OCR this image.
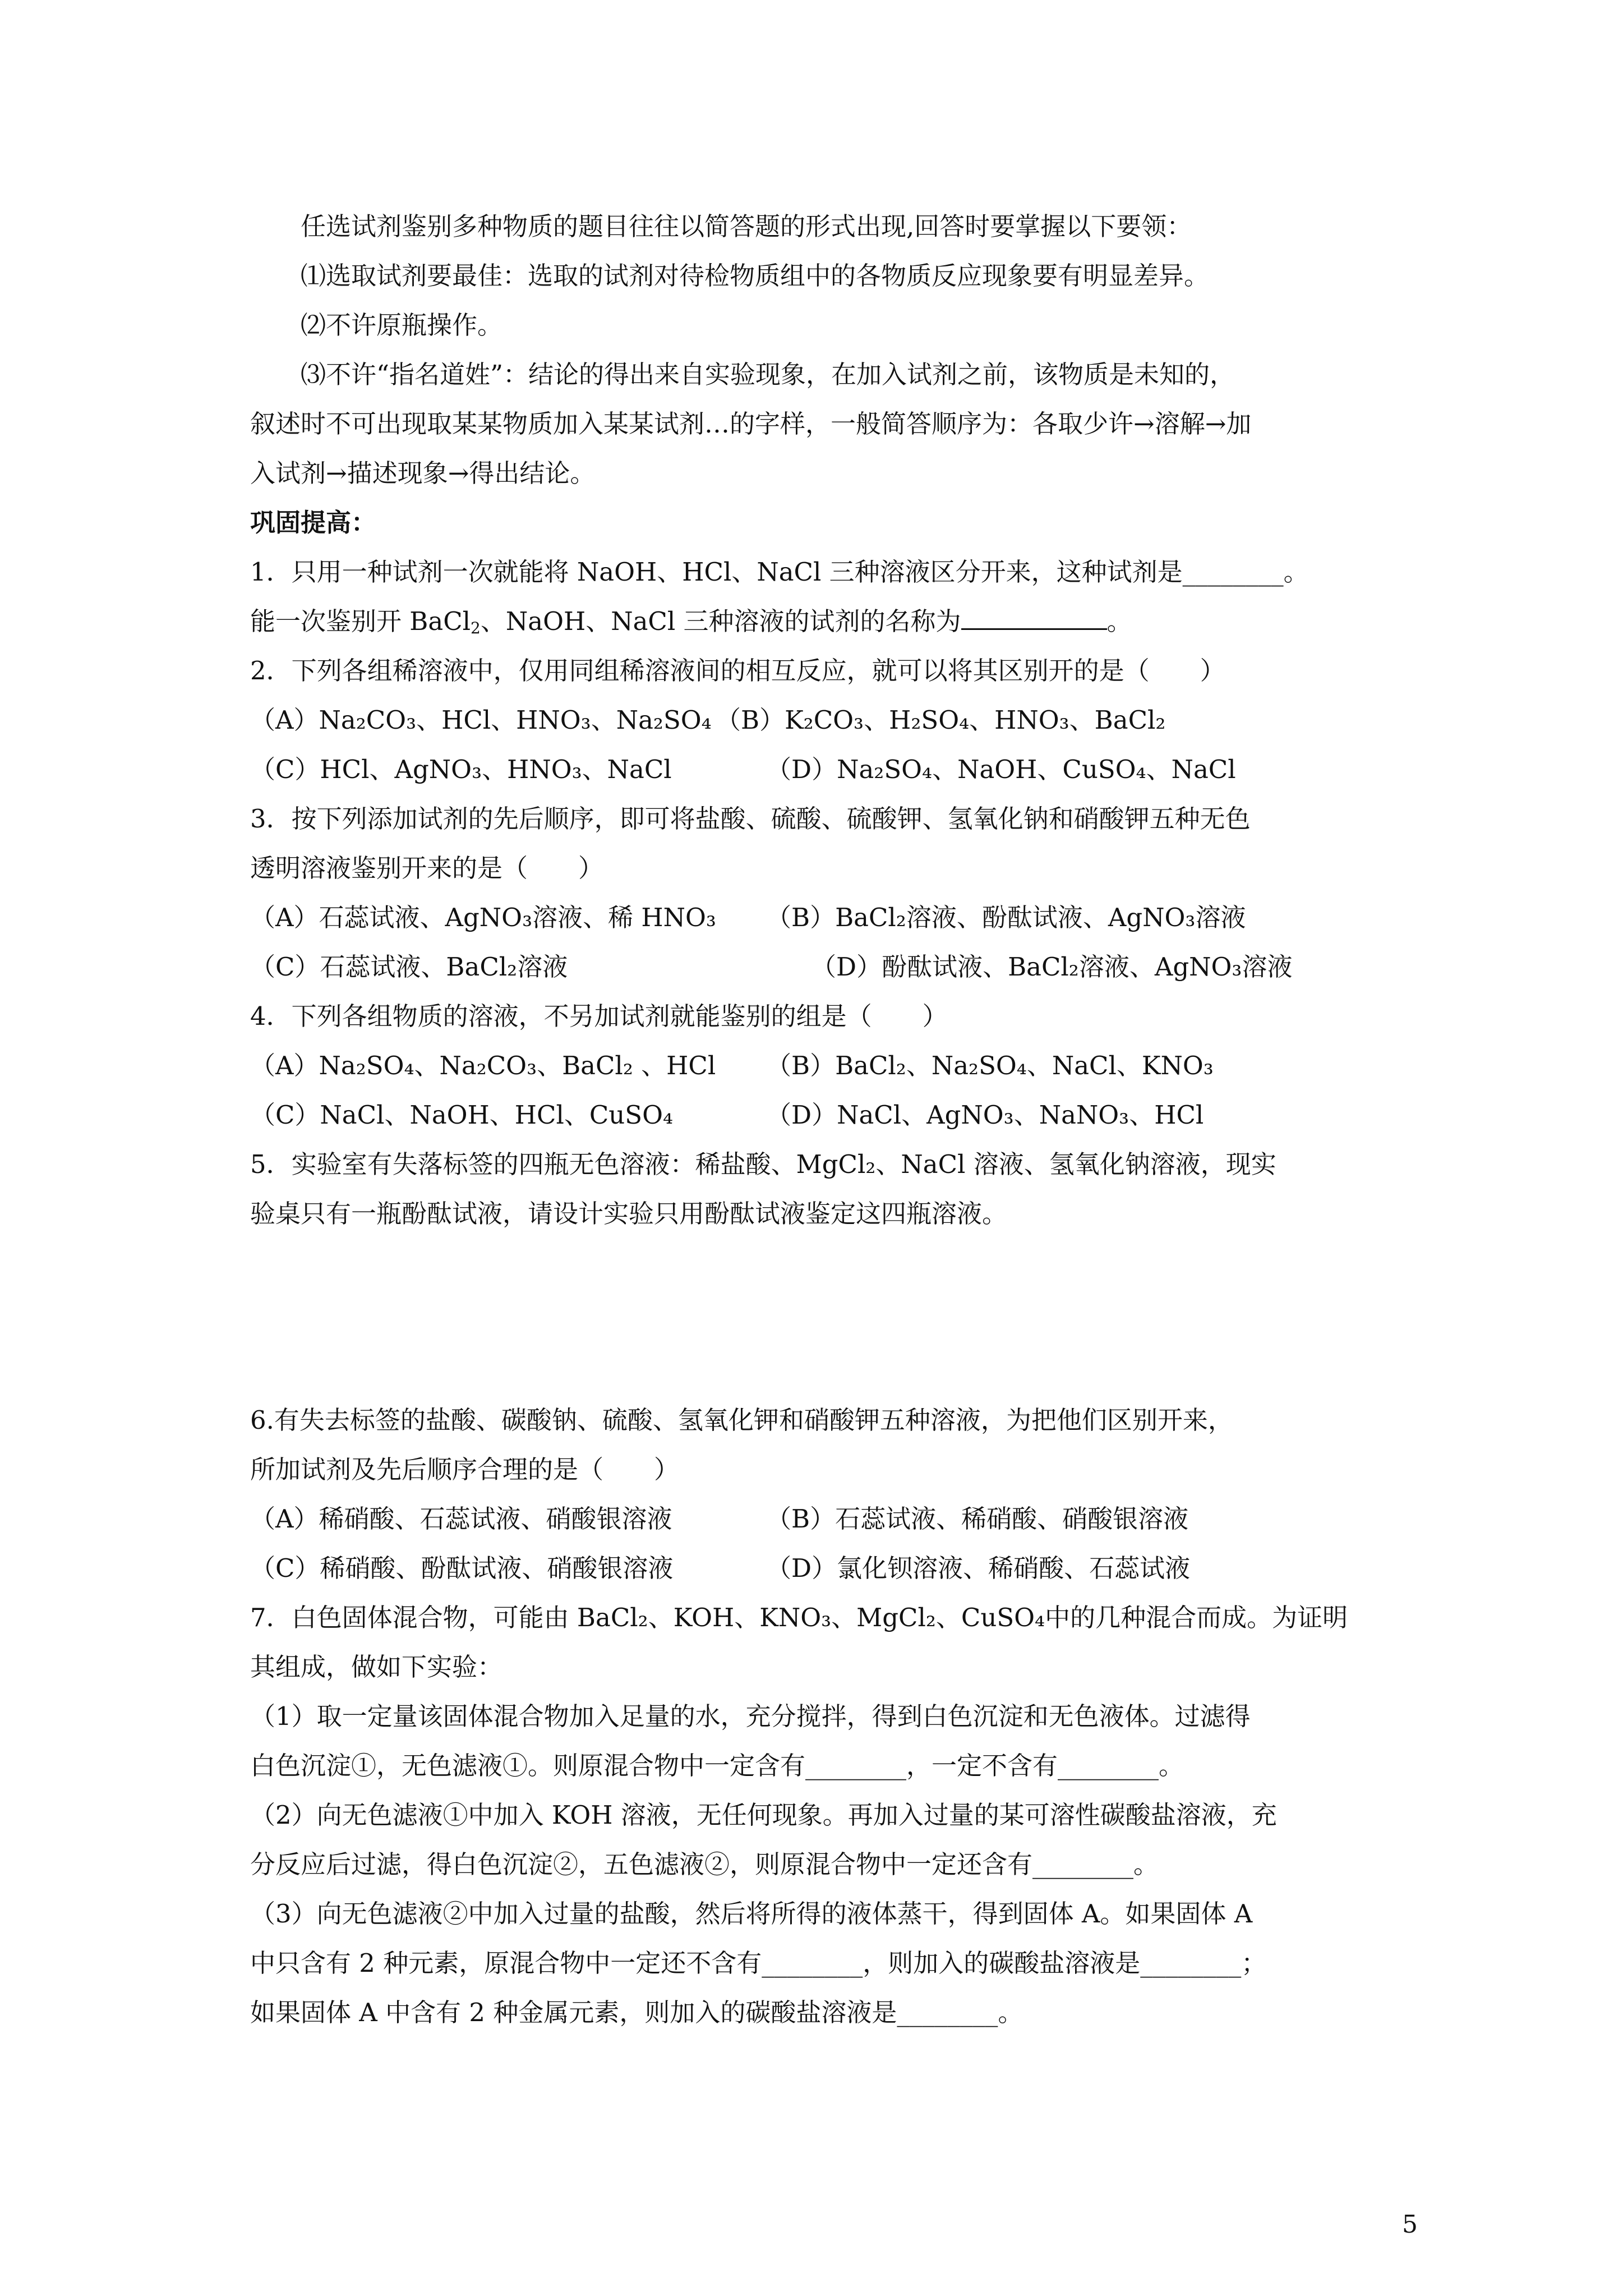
任选试剂鉴别多种物质的题目往往以简答题的形式出现,回答时要掌握以下要领：

⑴选取试剂要最佳：选取的试剂对待检物质组中的各物质反应现象要有明显差异。

⑵不许原瓶操作。

⑶不许“指名道姓”：结论的得出来自实验现象，在加入试剂之前，该物质是未知的，

叙述时不可出现取某某物质加入某某试剂…的字样，一般简答顺序为：各取少许→溶解→加

入试剂→描述现象→得出结论。

巩固提高：

1．只用一种试剂一次就能将 NaOH、HCl、NaCl 三种溶液区分开来，这种试剂是________。

能一次鉴别开 BaCl$_2$、NaOH、NaCl 三种溶液的试剂的名称为	。

2．下列各组稀溶液中，仅用同组稀溶液间的相互反应，就可以将其区别开的是（　　）

（A）Na₂CO₃、HCl、HNO₃、Na₂SO₄ （B）K₂CO₃、H₂SO₄、HNO₃、BaCl₂
（C）HCl、AgNO₃、HNO₃、NaCl	（D）Na₂SO₄、NaOH、CuSO₄、NaCl

3．按下列添加试剂的先后顺序，即可将盐酸、硫酸、硫酸钾、氢氧化钠和硝酸钾五种无色

透明溶液鉴别开来的是（　　）

（A）石蕊试液、AgNO₃溶液、稀 HNO₃	（B）BaCl₂溶液、酚酞试液、AgNO₃溶液
（C）石蕊试液、BaCl₂溶液	（D）酚酞试液、BaCl₂溶液、AgNO₃溶液

4．下列各组物质的溶液，不另加试剂就能鉴别的组是（　　）

（A）Na₂SO₄、Na₂CO₃、BaCl₂ 、HCl	（B）BaCl₂、Na₂SO₄、NaCl、KNO₃
（C）NaCl、NaOH、HCl、CuSO₄	（D）NaCl、AgNO₃、NaNO₃、HCl

5．实验室有失落标签的四瓶无色溶液：稀盐酸、MgCl₂、NaCl 溶液、氢氧化钠溶液，现实

验桌只有一瓶酚酞试液，请设计实验只用酚酞试液鉴定这四瓶溶液。

6.有失去标签的盐酸、碳酸钠、硫酸、氢氧化钾和硝酸钾五种溶液，为把他们区别开来，

所加试剂及先后顺序合理的是（　　）

（A）稀硝酸、石蕊试液、硝酸银溶液	（B）石蕊试液、稀硝酸、硝酸银溶液
（C）稀硝酸、酚酞试液、硝酸银溶液	（D）氯化钡溶液、稀硝酸、石蕊试液

7．白色固体混合物，可能由 BaCl₂、KOH、KNO₃、MgCl₂、CuSO₄中的几种混合而成。为证明

其组成，做如下实验：

（1）取一定量该固体混合物加入足量的水，充分搅拌，得到白色沉淀和无色液体。过滤得

白色沉淀①，无色滤液①。则原混合物中一定含有________，一定不含有________。

（2）向无色滤液①中加入 KOH 溶液，无任何现象。再加入过量的某可溶性碳酸盐溶液，充

分反应后过滤，得白色沉淀②，五色滤液②，则原混合物中一定还含有________。

（3）向无色滤液②中加入过量的盐酸，然后将所得的液体蒸干，得到固体 A。如果固体 A

中只含有 2 种元素，原混合物中一定还不含有________，则加入的碳酸盐溶液是________；

如果固体 A 中含有 2 种金属元素，则加入的碳酸盐溶液是________。

5
